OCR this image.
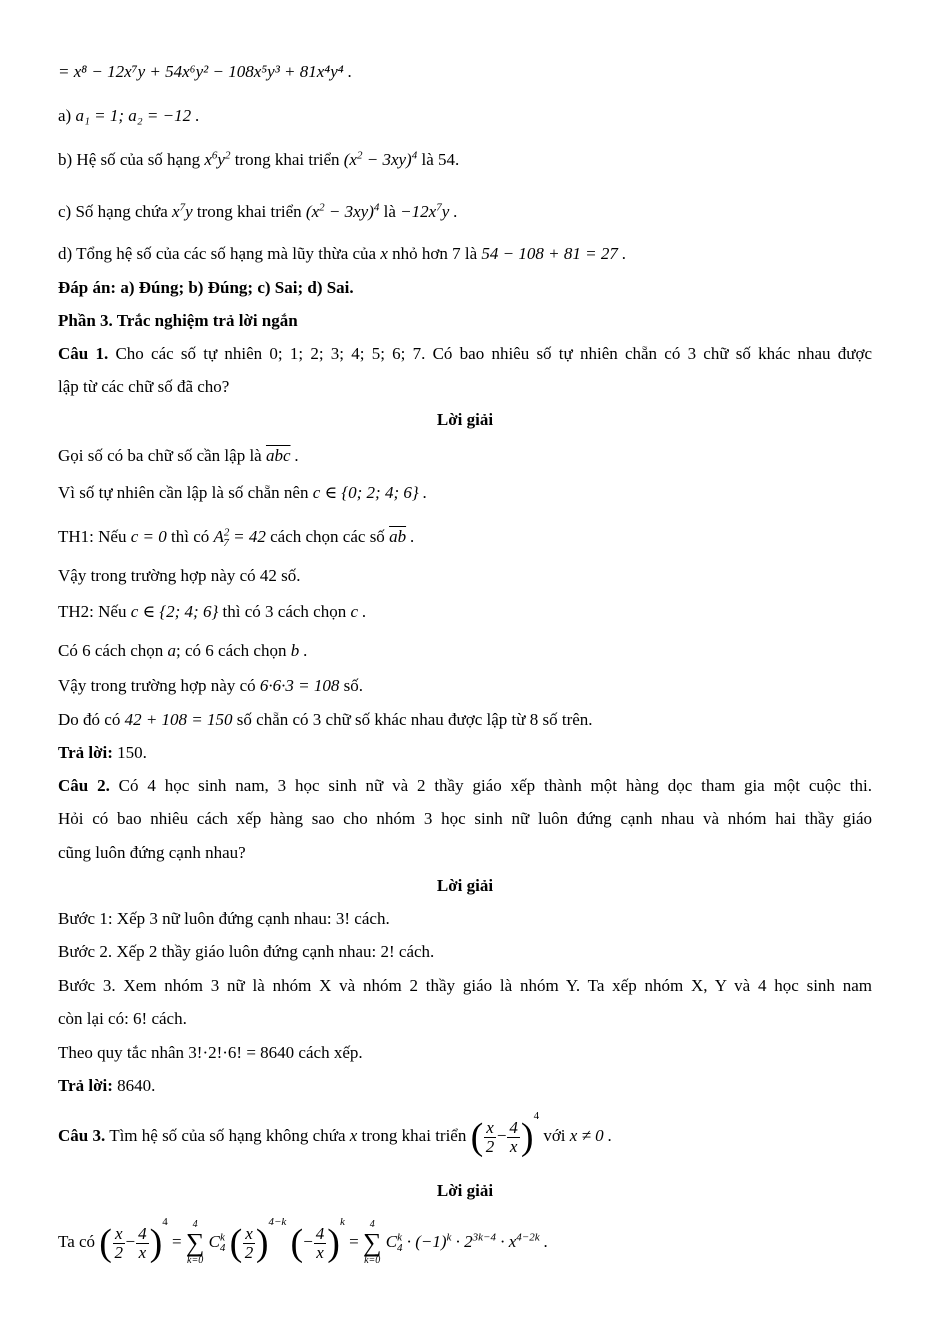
= x⁸ − 12x⁷y + 54x⁶y² − 108x⁵y³ + 81x⁴y⁴ .
a) a₁ = 1; a₂ = −12 .
b) Hệ số của số hạng $x^6y^2$ trong khai triển $(x^2 - 3xy)^4$ là 54.
c) Số hạng chứa $x^7y$ trong khai triển $(x^2 - 3xy)^4$ là $-12x^7y$ .
d) Tổng hệ số của các số hạng mà lũy thừa của x nhỏ hơn 7 là 54 − 108 + 81 = 27 .
Đáp án: a) Đúng; b) Đúng; c) Sai; d) Sai.
Phần 3. Trắc nghiệm trả lời ngắn
Câu 1. Cho các số tự nhiên 0; 1; 2; 3; 4; 5; 6; 7. Có bao nhiêu số tự nhiên chẵn có 3 chữ số khác nhau được
lập từ các chữ số đã cho?
Lời giải
Gọi số có ba chữ số cần lập là $\overline{abc}$ .
Vì số tự nhiên cần lập là số chẵn nên c ∈ {0; 2; 4; 6} .
TH1: Nếu c = 0 thì có $A^2_7 = 42$ cách chọn các số $\overline{ab}$ .
Vậy trong trường hợp này có 42 số.
TH2: Nếu c ∈ {2; 4; 6} thì có 3 cách chọn c .
Có 6 cách chọn a; có 6 cách chọn b .
Vậy trong trường hợp này có 6·6·3 = 108 số.
Do đó có 42 + 108 = 150 số chẵn có 3 chữ số khác nhau được lập từ 8 số trên.
Trả lời: 150.
Câu 2. Có 4 học sinh nam, 3 học sinh nữ và 2 thầy giáo xếp thành một hàng dọc tham gia một cuộc thi.
Hỏi có bao nhiêu cách xếp hàng sao cho nhóm 3 học sinh nữ luôn đứng cạnh nhau và nhóm hai thầy giáo
cũng luôn đứng cạnh nhau?
Lời giải
Bước 1: Xếp 3 nữ luôn đứng cạnh nhau: 3! cách.
Bước 2. Xếp 2 thầy giáo luôn đứng cạnh nhau: 2! cách.
Bước 3. Xem nhóm 3 nữ là nhóm X và nhóm 2 thầy giáo là nhóm Y. Ta xếp nhóm X, Y và 4 học sinh nam
còn lại có: 6! cách.
Theo quy tắc nhân 3!·2!·6! = 8640 cách xếp.
Trả lời: 8640.
Câu 3. Tìm hệ số của số hạng không chứa x trong khai triển ( $\frac{x}{2} - \frac{4}{x} )^4$ với x ≠ 0 .
Lời giải
Ta có ( $\frac{x}{2} - \frac{4}{x} )^4$ =
4
∑
k=0
$C^k_4$ ( $\frac{x}{2} )^{4-k}$ (− $\frac{4}{x} )^k$ =
4
∑
k=0
$C^k_4 \cdot (-1)^k \cdot 2^{3k-4} \cdot x^{4-2k}$ .
